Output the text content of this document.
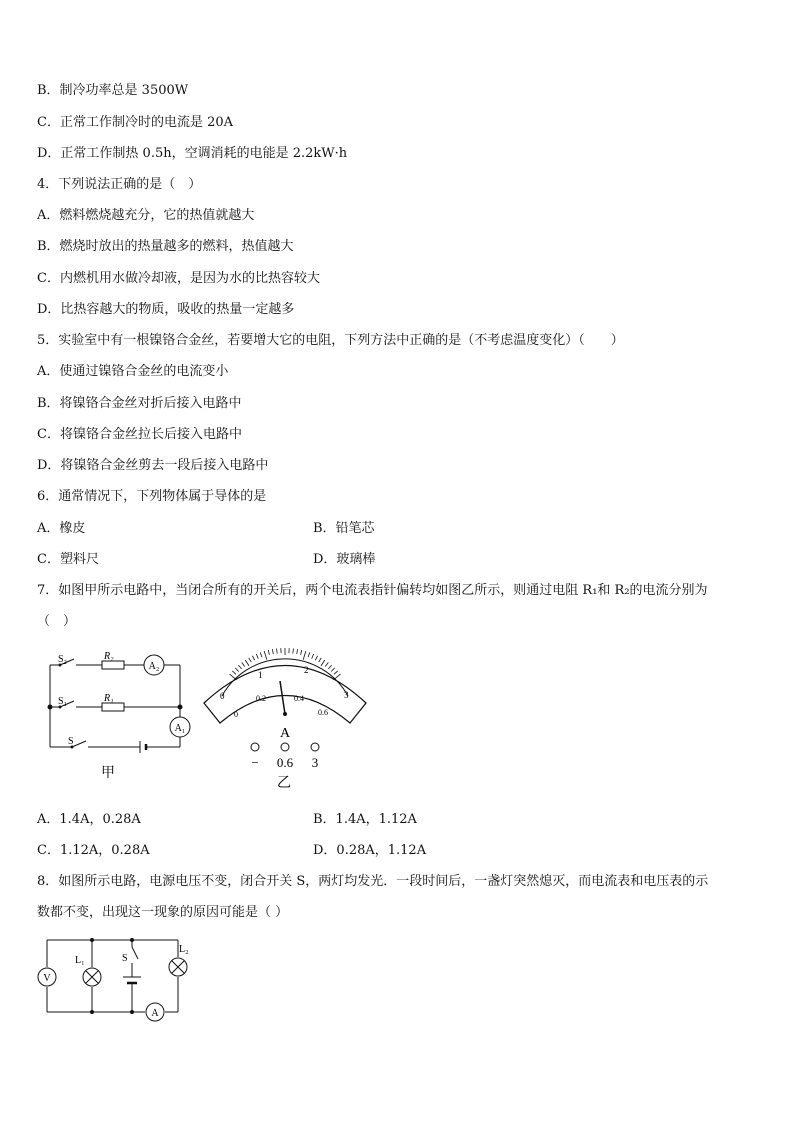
B．制冷功率总是 3500W
C．正常工作制冷时的电流是 20A
D．正常工作制热 0.5h，空调消耗的电能是 2.2kW·h
4．下列说法正确的是（　）
A．燃料燃烧越充分，它的热值就越大
B．燃烧时放出的热量越多的燃料，热值越大
C．内燃机用水做冷却液，是因为水的比热容较大
D．比热容越大的物质，吸收的热量一定越多
5．实验室中有一根镍铬合金丝，若要增大它的电阻，下列方法中正确的是（不考虑温度变化）（　　）
A．使通过镍铬合金丝的电流变小
B．将镍铬合金丝对折后接入电路中
C．将镍铬合金丝拉长后接入电路中
D．将镍铬合金丝剪去一段后接入电路中
6．通常情况下，下列物体属于导体的是
A．橡皮	B．铅笔芯
C．塑料尺	D．玻璃棒
7．如图甲所示电路中，当闭合所有的开关后，两个电流表指针偏转均如图乙所示，则通过电阻 R₁和 R₂的电流分别为
（　）
S₂	R₂
A₂
S₁	R₁
A₁
S
甲
0
1	2
3
0
0.2	0.4
0.6
A
− 0.6 3
乙
A．1.4A，0.28A	B．1.4A，1.12A
C．1.12A，0.28A	D．0.28A，1.12A
8．如图所示电路，电源电压不变，闭合开关 S，两灯均发光．一段时间后，一盏灯突然熄灭，而电流表和电压表的示
数都不变，出现这一现象的原因可能是（ ）
V
L₁	S
L₂
A
